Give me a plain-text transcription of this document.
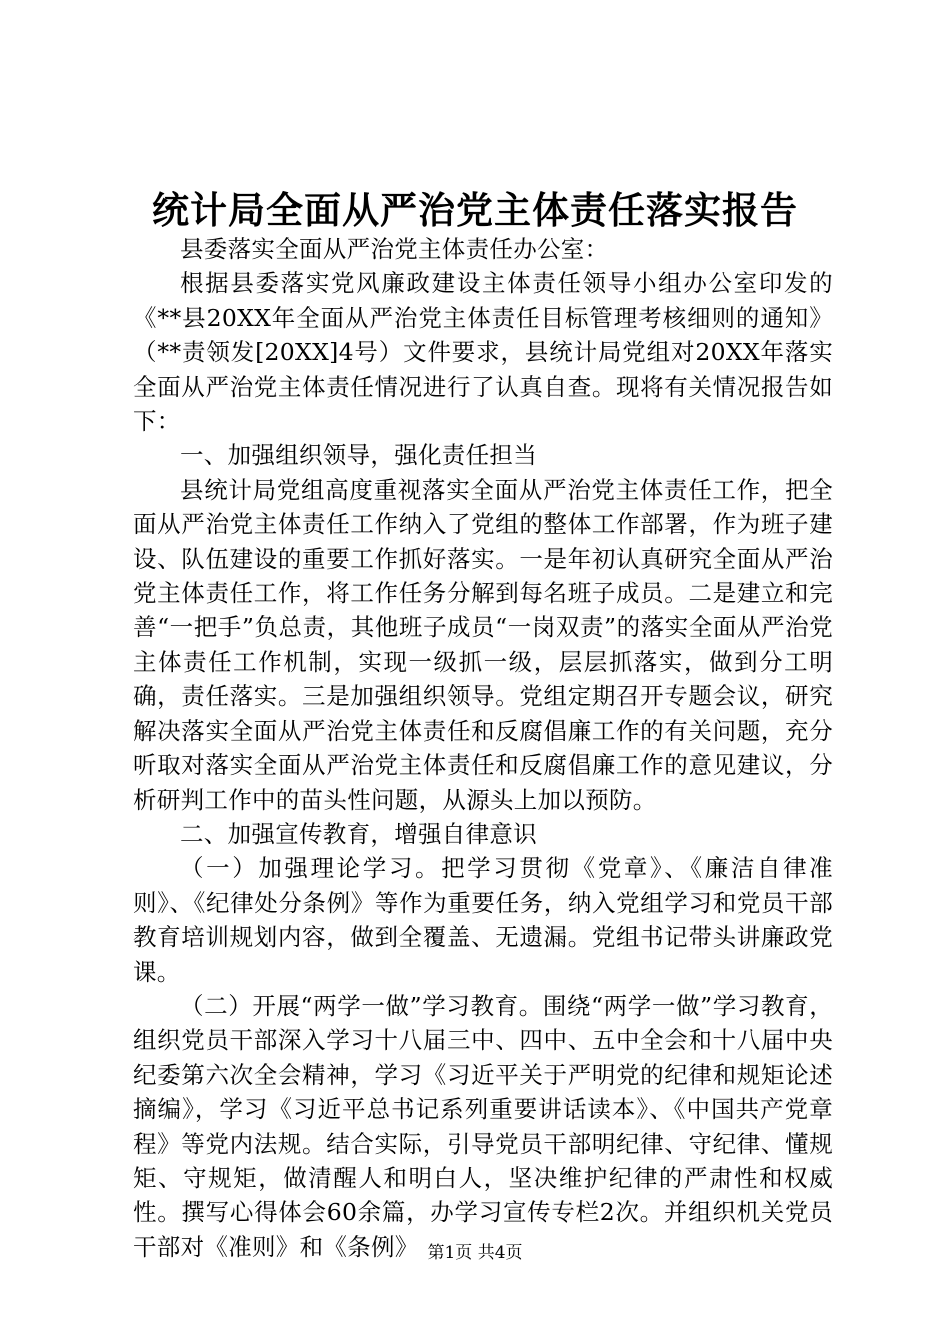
统计局全面从严治党主体责任落实报告

县委落实全面从严治党主体责任办公室：

根据县委落实党风廉政建设主体责任领导小组办公室印发的《**县20XX年全面从严治党主体责任目标管理考核细则的通知》（**责领发[20XX]4号）文件要求，县统计局党组对20XX年落实全面从严治党主体责任情况进行了认真自查。现将有关情况报告如下：

一、加强组织领导，强化责任担当

县统计局党组高度重视落实全面从严治党主体责任工作，把全面从严治党主体责任工作纳入了党组的整体工作部署，作为班子建设、队伍建设的重要工作抓好落实。一是年初认真研究全面从严治党主体责任工作，将工作任务分解到每名班子成员。二是建立和完善“一把手”负总责，其他班子成员“一岗双责”的落实全面从严治党主体责任工作机制，实现一级抓一级，层层抓落实，做到分工明确，责任落实。三是加强组织领导。党组定期召开专题会议，研究解决落实全面从严治党主体责任和反腐倡廉工作的有关问题，充分听取对落实全面从严治党主体责任和反腐倡廉工作的意见建议，分析研判工作中的苗头性问题，从源头上加以预防。

二、加强宣传教育，增强自律意识

（一）加强理论学习。把学习贯彻《党章》、《廉洁自律准则》、《纪律处分条例》等作为重要任务，纳入党组学习和党员干部教育培训规划内容，做到全覆盖、无遗漏。党组书记带头讲廉政党课。

（二）开展“两学一做”学习教育。围绕“两学一做”学习教育，组织党员干部深入学习十八届三中、四中、五中全会和十八届中央纪委第六次全会精神，学习《习近平关于严明党的纪律和规矩论述摘编》，学习《习近平总书记系列重要讲话读本》、《中国共产党章程》等党内法规。结合实际，引导党员干部明纪律、守纪律、懂规矩、守规矩，做清醒人和明白人，坚决维护纪律的严肃性和权威性。撰写心得体会60余篇，办学习宣传专栏2次。并组织机关党员干部对《准则》和《条例》 第1页 共4页
